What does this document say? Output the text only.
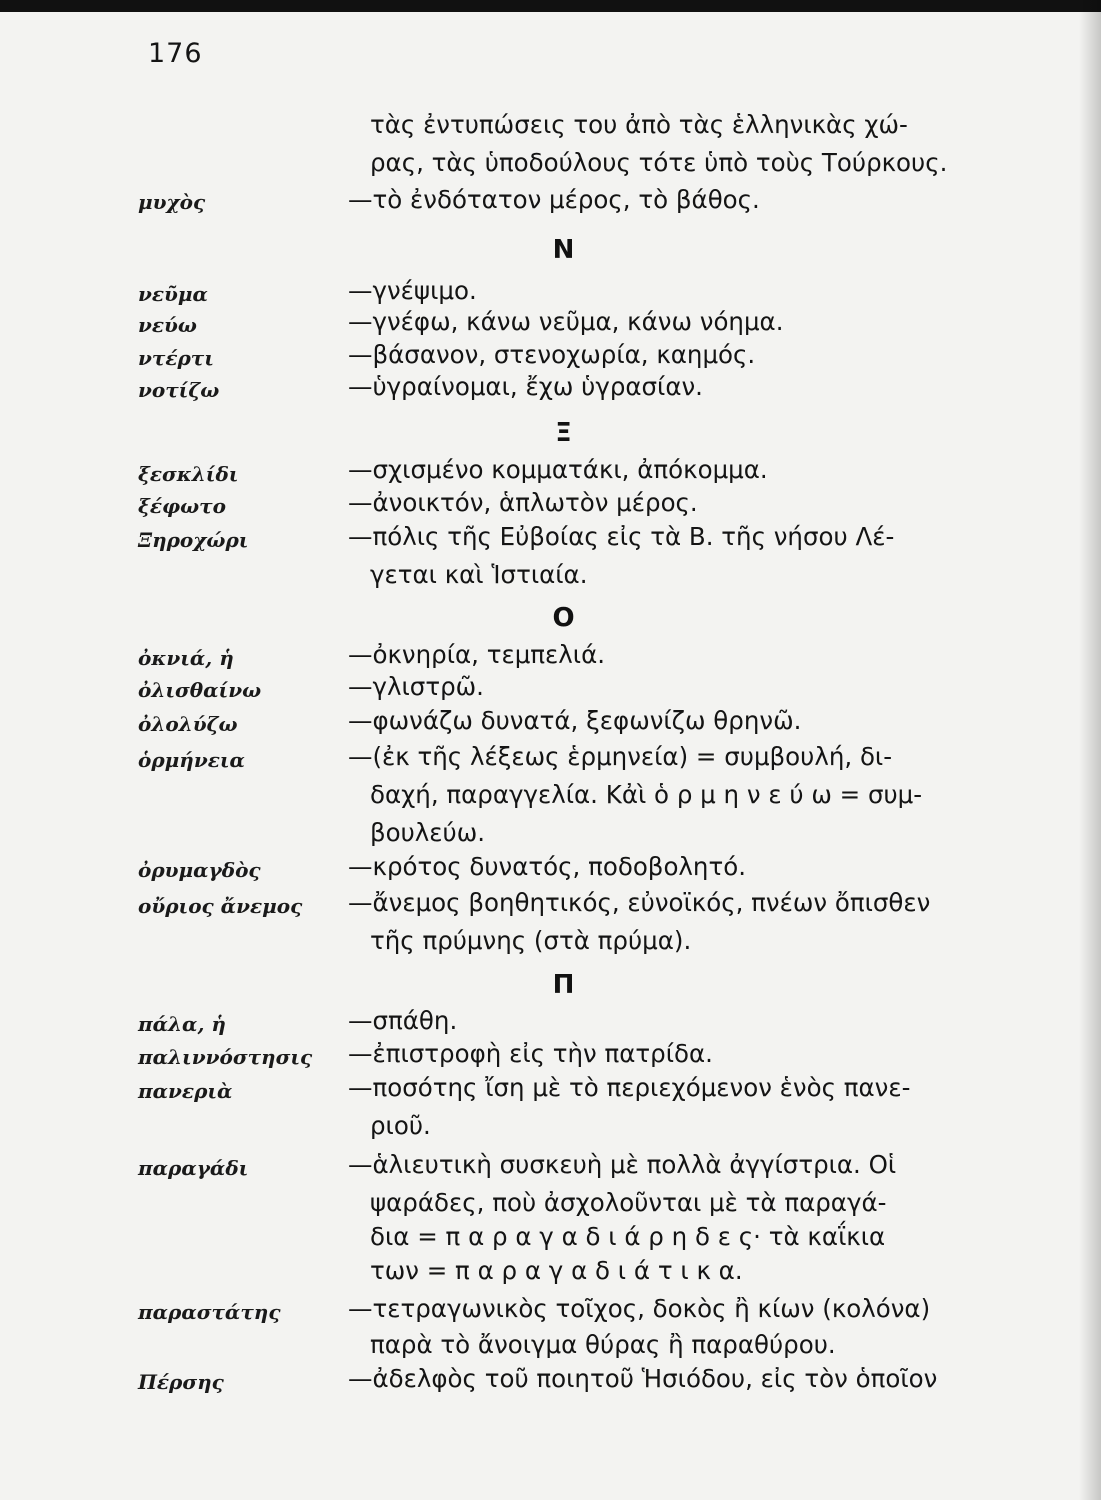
176
τὰς ἐντυπώσεις του ἀπὸ τὰς ἑλληνικὰς χώ-
ρας, τὰς ὑποδούλους τότε ὑπὸ τοὺς Τούρκους.
μυχὸς	—τὸ ἐνδότατον μέρος, τὸ βάθος.
Ν
νεῦμα	—γνέψιμο.
νεύω	—γνέφω, κάνω νεῦμα, κάνω νόημα.
ντέρτι	—βάσανον, στενοχωρία, καημός.
νοτίζω	—ὑγραίνομαι, ἔχω ὑγρασίαν.
Ξ
ξεσκλίδι	—σχισμένο κομματάκι, ἀπόκομμα.
ξέφωτο	—ἀνοικτόν, ἁπλωτὸν μέρος.
Ξηροχώρι	—πόλις τῆς Εὐβοίας εἰς τὰ Β. τῆς νήσου Λέ-
γεται καὶ Ἱστιαία.
Ο
ὀκνιά, ἡ	—ὀκνηρία, τεμπελιά.
ὀλισθαίνω	—γλιστρῶ.
ὀλολύζω	—φωνάζω δυνατά, ξεφωνίζω θρηνῶ.
ὁρμήνεια	—(ἐκ τῆς λέξεως ἑρμηνεία) = συμβουλή, δι-
δαχή, παραγγελία. Κἀὶ ὁ ρ μ η ν ε ύ ω = συμ-
βουλεύω.
ὀρυμαγδὸς	—κρότος δυνατός, ποδοβολητό.
οὔριος ἄνεμος —ἄνεμος βοηθητικός, εὐνοϊκός, πνέων ὄπισθεν
τῆς πρύμνης (στὰ πρύμα).
Π
πάλα, ἡ	—σπάθη.
παλιννόστησις —ἐπιστροφὴ εἰς τὴν πατρίδα.
πανεριὰ	—ποσότης ἴση μὲ τὸ περιεχόμενον ἑνὸς πανε-
ριοῦ.
παραγάδι	—ἁλιευτικὴ συσκευὴ μὲ πολλὰ ἀγγίστρια. Οἱ
ψαράδες, ποὺ ἀσχολοῦνται μὲ τὰ παραγά-
δια = π α ρ α γ α δ ι ά ρ η δ ε ς· τὰ καΐκια
των = π α ρ α γ α δ ι ά τ ι κ α.
παραστάτης	—τετραγωνικὸς τοῖχος, δοκὸς ἢ κίων (κολόνα)
παρὰ τὸ ἄνοιγμα θύρας ἢ παραθύρου.
Πέρσης	—ἀδελφὸς τοῦ ποιητοῦ Ἡσιόδου, εἰς τὸν ὁποῖον
